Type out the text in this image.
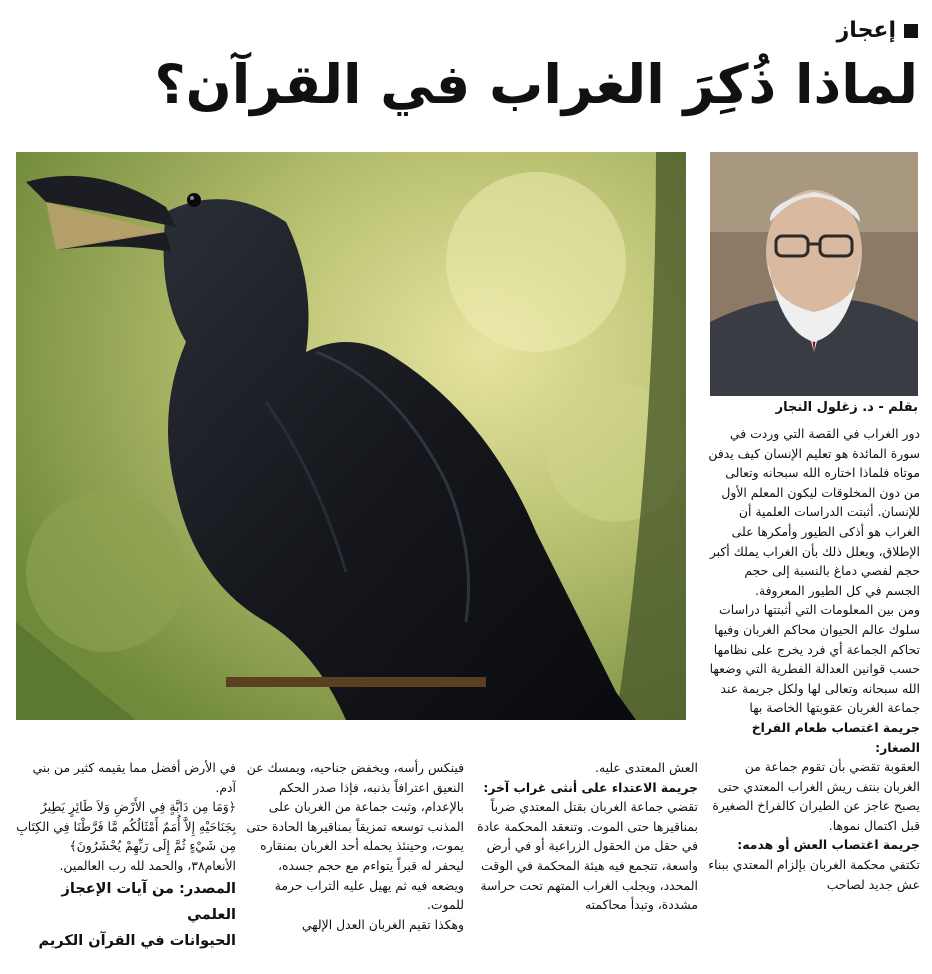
إعجاز
لماذا ذُكِرَ الغراب في القرآن؟
بقلم - د. زغلول النجار

دور الغراب في القصة التي وردت في سورة المائدة هو تعليم الإنسان كيف يدفن موتاه فلماذا اختاره الله سبحانه وتعالى من دون المخلوقات ليكون المعلم الأول للإنسان. أثبتت الدراسات العلمية أن الغراب هو أذكى الطيور وأمكرها على الإطلاق، ويعلل ذلك بأن الغراب يملك أكبر حجم لفصي دماغ بالنسبة إلى حجم الجسم في كل الطيور المعروفة.

ومن بين المعلومات التي أثبتتها دراسات سلوك عالم الحيوان محاكم الغربان وفيها تحاكم الجماعة أي فرد يخرج على نظامها حسب قوانين العدالة الفطرية التي وضعها الله سبحانه وتعالى لها ولكل جريمة عند جماعة الغربان عقوبتها الخاصة بها

جريمة اغتصاب طعام الفراخ الصغار:

العقوبة تقضي بأن تقوم جماعة من الغربان بنتف ريش الغراب المعتدي حتى يصبح عاجز عن الطيران كالفراخ الصغيرة قبل اكتمال نموها.

جريمة اغتصاب العش أو هدمه:

تكتفي محكمة الغربان بإلزام المعتدي ببناء عش جديد لصاحب

العش المعتدى عليه.

جريمة الاعتداء على أنثى غراب آخر:

تقضي جماعة الغربان بقتل المعتدي ضرباً بمناقيرها حتى الموت. وتنعقد المحكمة عادة في حقل من الحقول الزراعية أو في أرض واسعة، تتجمع فيه هيئة المحكمة في الوقت المحدد، ويجلب الغراب المتهم تحت حراسة مشددة، وتبدأ محاكمته

فينكس رأسه، ويخفض جناحيه، ويمسك عن النعيق اعترافاً بذنبه، فإذا صدر الحكم بالإعدام، وثبت جماعة من الغربان على المذنب توسعه تمزيقاً بمناقيرها الحادة حتى يموت، وحينئذ يحمله أحد الغربان بمنقاره ليحفر له قبراً يتواءم مع حجم جسده، ويضعه فيه ثم يهيل عليه التراب حرمة للموت.

وهكذا تقيم الغربان العدل الإلهي

في الأرض أفضل مما يقيمه كثير من بني آدم.

﴿وَمَا مِن دَابَّةٍ فِي الأَرْضِ وَلاَ طَائِرٍ يَطِيرُ بِجَنَاحَيْهِ إِلاَّ أُمَمٌ أَمْثَالُكُم مَّا فَرَّطْنَا فِي الكِتَابِ مِن شَيْءٍ ثُمَّ إِلَى رَبِّهِمْ يُحْشَرُونَ﴾

الأنعام٣٨، والحمد لله رب العالمين.

المصدر: من آيات الإعجاز العلمي

الحيوانات في القرآن الكريم
